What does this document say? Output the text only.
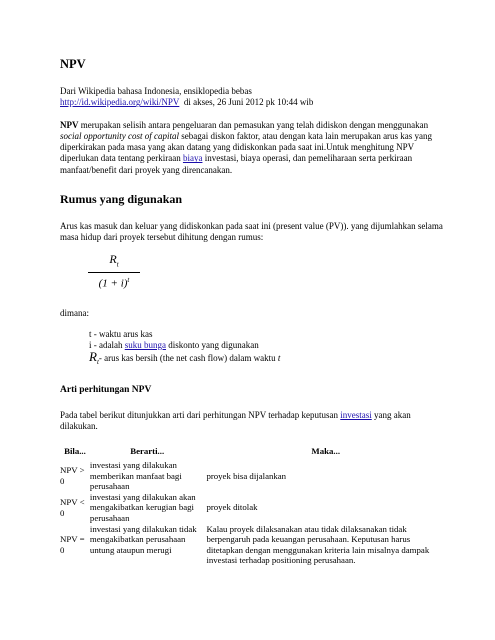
NPV

Dari Wikipedia bahasa Indonesia, ensiklopedia bebas
http://id.wikipedia.org/wiki/NPV di akses, 26 Juni 2012 pk 10:44 wib

NPV merupakan selisih antara pengeluaran dan pemasukan yang telah didiskon dengan menggunakan social opportunity cost of capital sebagai diskon faktor, atau dengan kata lain merupakan arus kas yang diperkirakan pada masa yang akan datang yang didiskonkan pada saat ini.Untuk menghitung NPV diperlukan data tentang perkiraan biaya investasi, biaya operasi, dan pemeliharaan serta perkiraan manfaat/benefit dari proyek yang direncanakan.

Rumus yang digunakan

Arus kas masuk dan keluar yang didiskonkan pada saat ini (present value (PV)). yang dijumlahkan selama masa hidup dari proyek tersebut dihitung dengan rumus:

$R_t$
$(1 + i)^t$

dimana:

t - waktu arus kas
i - adalah suku bunga diskonto yang digunakan
$R_t-$ arus kas bersih (the net cash flow) dalam waktu t
Arti perhitungan NPV

Pada tabel berikut ditunjukkan arti dari perhitungan NPV terhadap keputusan investasi yang akan dilakukan.

Bila...	Berarti...	Maka...
NPV > 0	investasi yang dilakukan memberikan manfaat bagi perusahaan	proyek bisa dijalankan
NPV < 0	investasi yang dilakukan akan mengakibatkan kerugian bagi perusahaan	proyek ditolak
NPV = 0	investasi yang dilakukan tidak mengakibatkan perusahaan untung ataupun merugi	Kalau proyek dilaksanakan atau tidak dilaksanakan tidak berpengaruh pada keuangan perusahaan. Keputusan harus ditetapkan dengan menggunakan kriteria lain misalnya dampak investasi terhadap positioning perusahaan.
